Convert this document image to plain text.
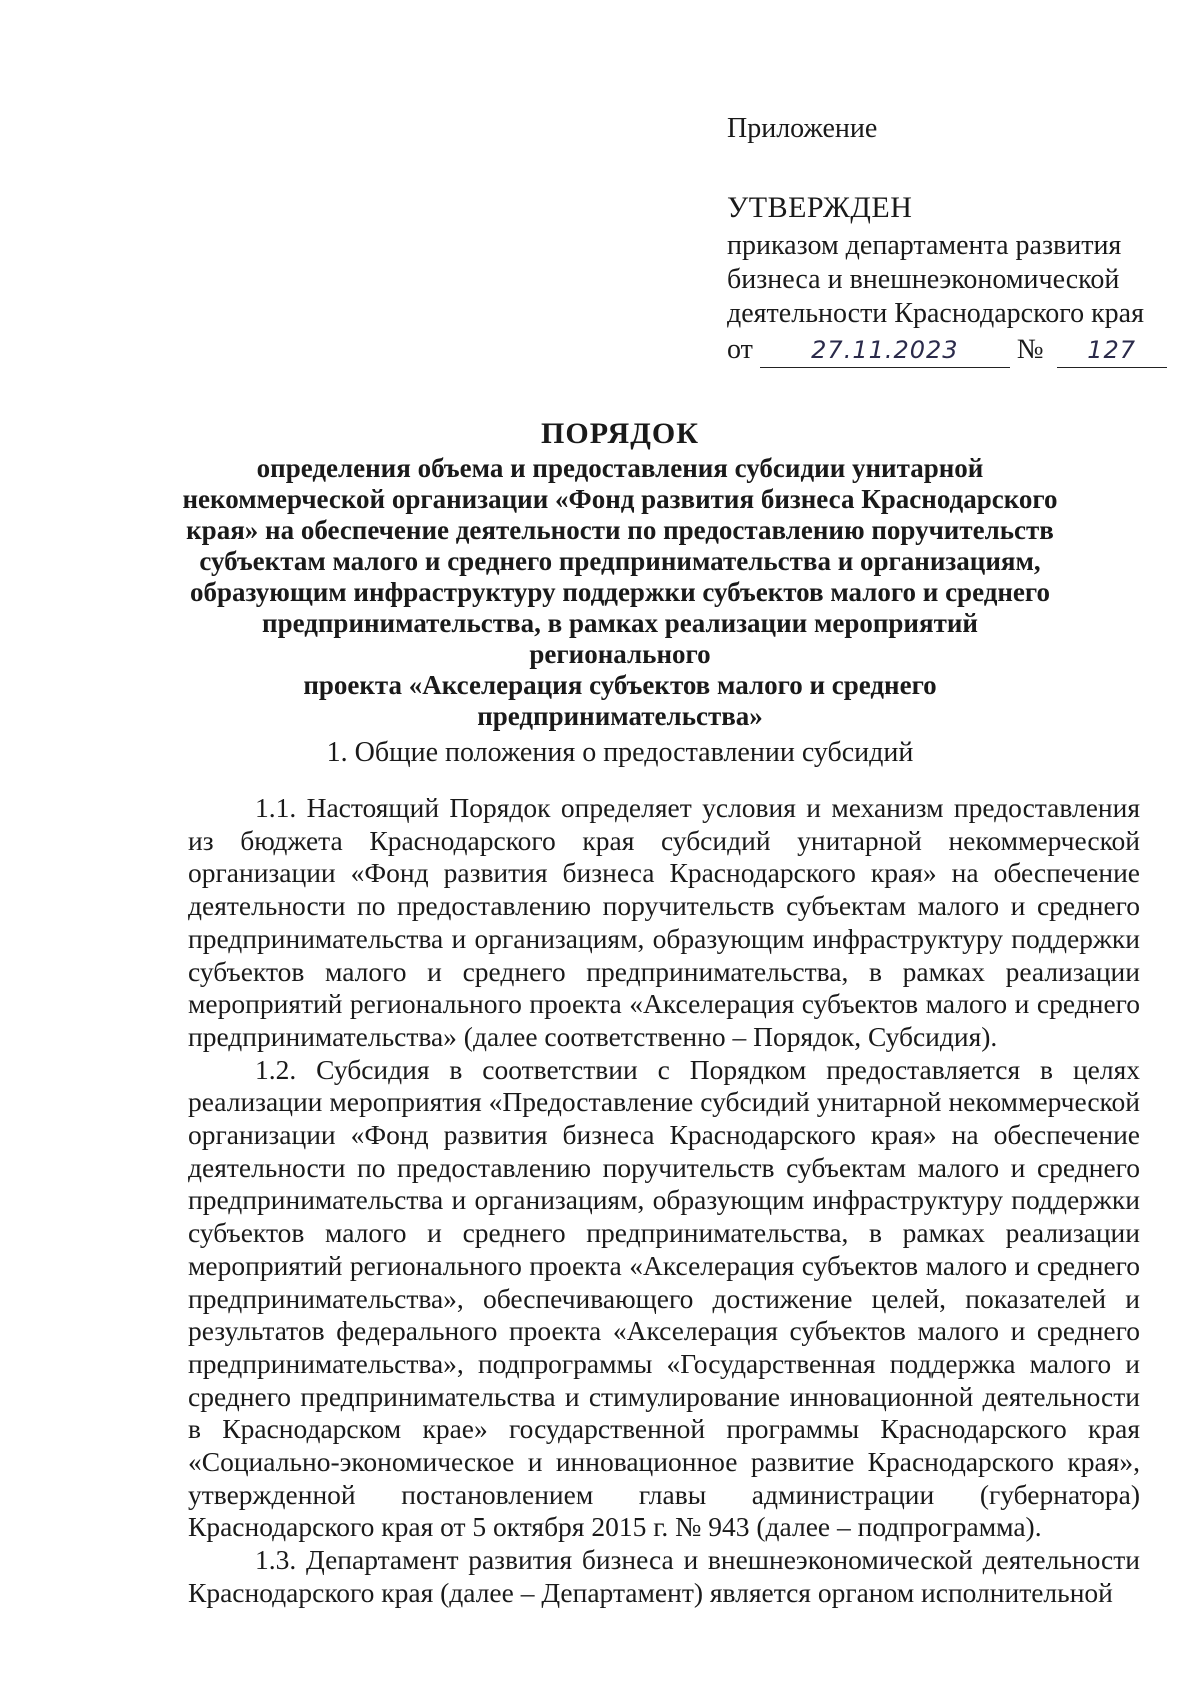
Приложение

УТВЕРЖДЕН

приказом департамента развития

бизнеса и внешнеэкономической

деятельности Краснодарского края

от 27.11.2023 № 127

ПОРЯДОК

определения объема и предоставления субсидии унитарной

некоммерческой организации «Фонд развития бизнеса Краснодарского

края» на обеспечение деятельности по предоставлению поручительств

субъектам малого и среднего предпринимательства и организациям,

образующим инфраструктуру поддержки субъектов малого и среднего

предпринимательства, в рамках реализации мероприятий регионального

проекта «Акселерация субъектов малого и среднего

предпринимательства»

1. Общие положения о предоставлении субсидий

1.1. Настоящий Порядок определяет условия и механизм предоставления из бюджета Краснодарского края субсидий унитарной некоммерческой организации «Фонд развития бизнеса Краснодарского края» на обеспечение деятельности по предоставлению поручительств субъектам малого и среднего предпринимательства и организациям, образующим инфраструктуру поддержки субъектов малого и среднего предпринимательства, в рамках реализации мероприятий регионального проекта «Акселерация субъектов малого и среднего предпринимательства» (далее соответственно – Порядок, Субсидия).

1.2. Субсидия в соответствии с Порядком предоставляется в целях реализации мероприятия «Предоставление субсидий унитарной некоммерческой организации «Фонд развития бизнеса Краснодарского края» на обеспечение деятельности по предоставлению поручительств субъектам малого и среднего предпринимательства и организациям, образующим инфраструктуру поддержки субъектов малого и среднего предпринимательства, в рамках реализации мероприятий регионального проекта «Акселерация субъектов малого и среднего предпринимательства», обеспечивающего достижение целей, показателей и результатов федерального проекта «Акселерация субъектов малого и среднего предпринимательства», подпрограммы «Государственная поддержка малого и среднего предпринимательства и стимулирование инновационной деятельности в Краснодарском крае» государственной программы Краснодарского края «Социально-экономическое и инновационное развитие Краснодарского края», утвержденной постановлением главы администрации (губернатора) Краснодарского края от 5 октября 2015 г. № 943 (далее – подпрограмма).

1.3. Департамент развития бизнеса и внешнеэкономической деятельности Краснодарского края (далее – Департамент) является органом исполнительной
